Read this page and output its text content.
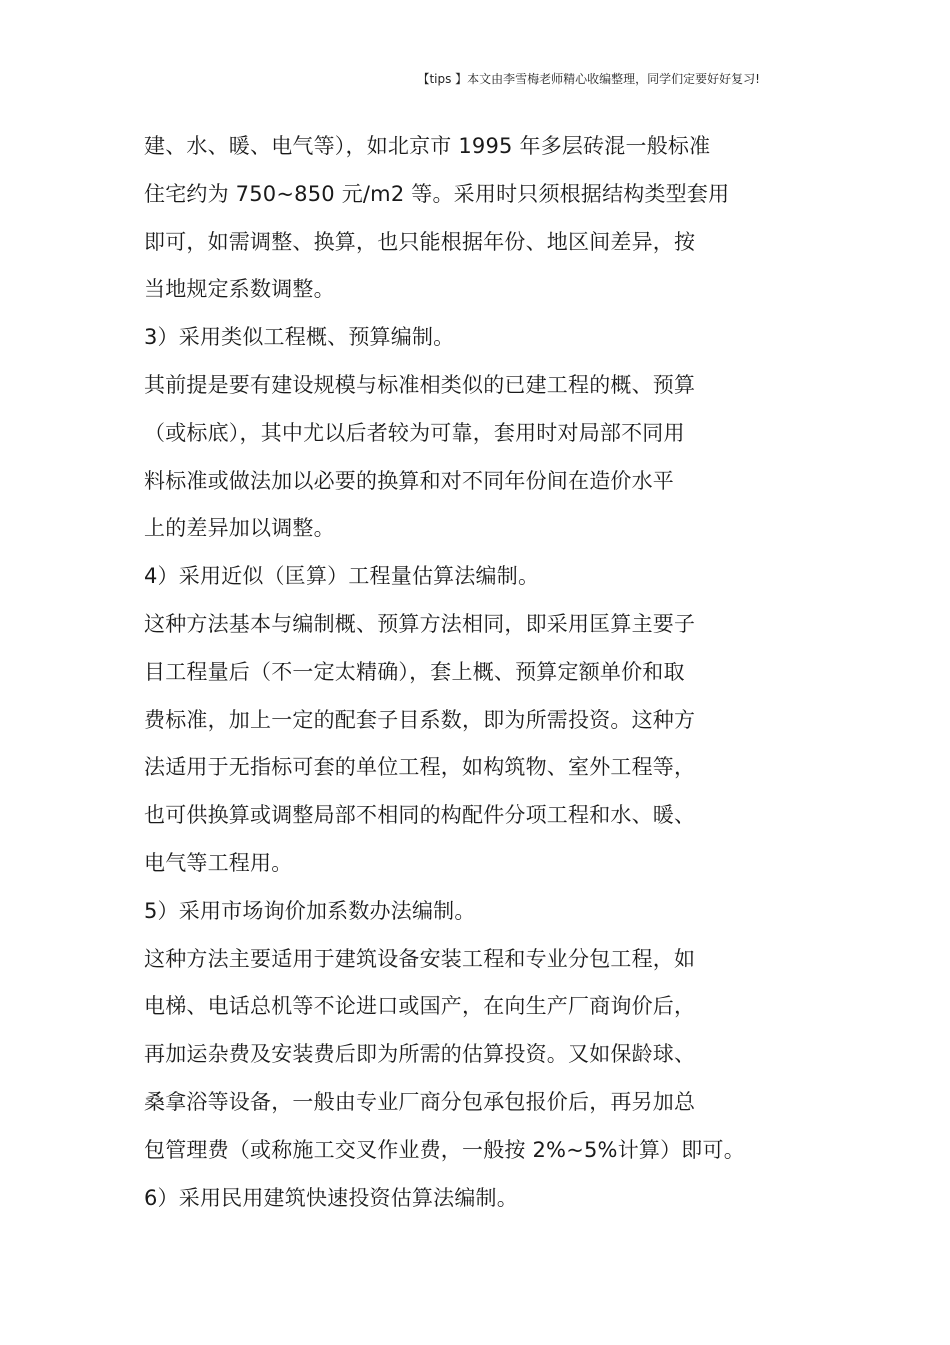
【tips 】本文由李雪梅老师精心收编整理，同学们定要好好复习!
建、水、暖、电气等），如北京市 1995 年多层砖混一般标准
住宅约为 750~850 元/m2 等。采用时只须根据结构类型套用
即可，如需调整、换算，也只能根据年份、地区间差异，按
当地规定系数调整。
3）采用类似工程概、预算编制。
其前提是要有建设规模与标准相类似的已建工程的概、预算
（或标底），其中尤以后者较为可靠，套用时对局部不同用
料标准或做法加以必要的换算和对不同年份间在造价水平
上的差异加以调整。
4）采用近似（匡算）工程量估算法编制。
这种方法基本与编制概、预算方法相同，即采用匡算主要子
目工程量后（不一定太精确），套上概、预算定额单价和取
费标准，加上一定的配套子目系数，即为所需投资。这种方
法适用于无指标可套的单位工程，如构筑物、室外工程等，
也可供换算或调整局部不相同的构配件分项工程和水、暖、
电气等工程用。
5）采用市场询价加系数办法编制。
这种方法主要适用于建筑设备安装工程和专业分包工程，如
电梯、电话总机等不论进口或国产，在向生产厂商询价后，
再加运杂费及安装费后即为所需的估算投资。又如保龄球、
桑拿浴等设备，一般由专业厂商分包承包报价后，再另加总
包管理费（或称施工交叉作业费，一般按 2%~5%计算）即可。
6）采用民用建筑快速投资估算法编制。
